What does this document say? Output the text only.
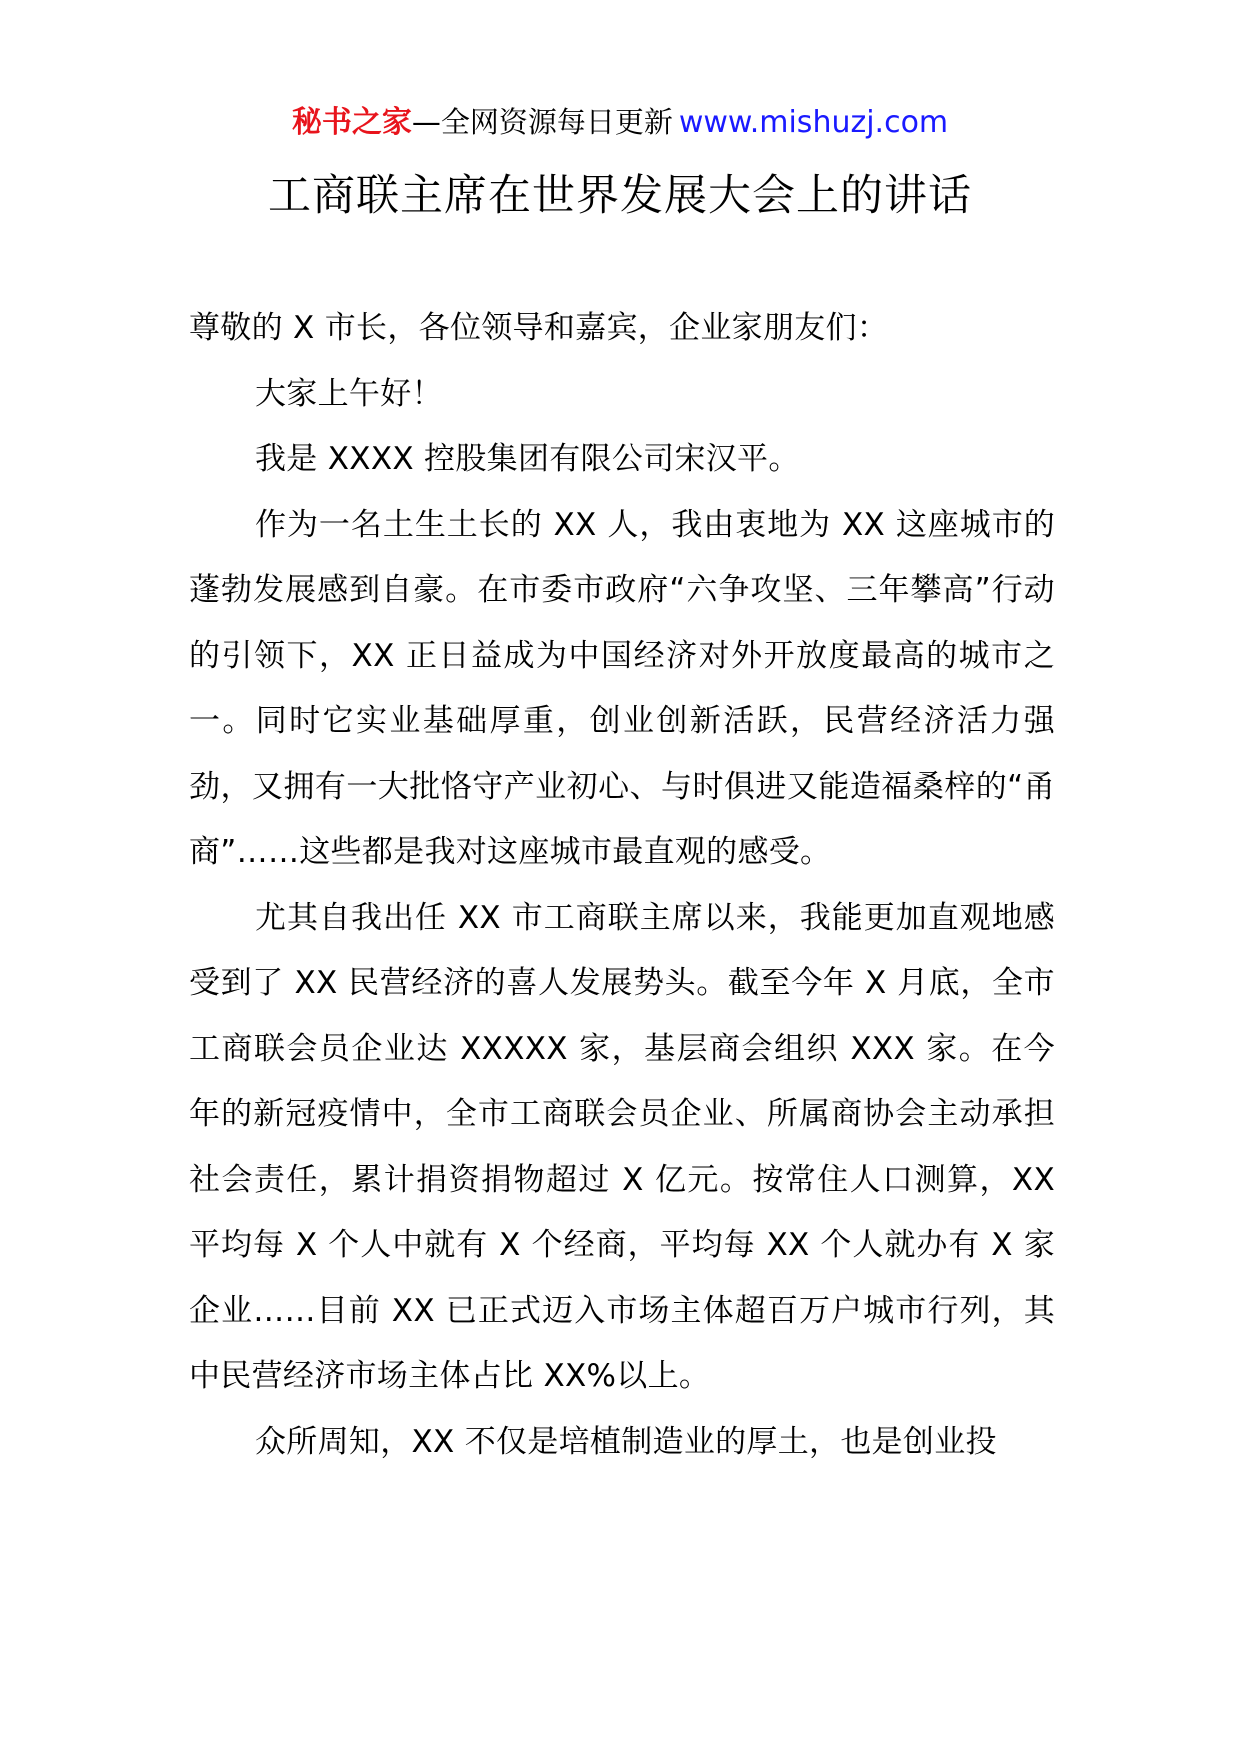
秘书之家—全网资源每日更新 www.mishuzj.com
工商联主席在世界发展大会上的讲话

尊敬的 X 市长，各位领导和嘉宾，企业家朋友们：

大家上午好！

我是 XXXX 控股集团有限公司宋汉平。

作为一名土生土长的 XX 人，我由衷地为 XX 这座城市的蓬勃发展感到自豪。在市委市政府“六争攻坚、三年攀高”行动的引领下，XX 正日益成为中国经济对外开放度最高的城市之一。同时它实业基础厚重，创业创新活跃，民营经济活力强劲，又拥有一大批恪守产业初心、与时俱进又能造福桑梓的“甬商”……这些都是我对这座城市最直观的感受。

尤其自我出任 XX 市工商联主席以来，我能更加直观地感受到了 XX 民营经济的喜人发展势头。截至今年 X 月底，全市工商联会员企业达 XXXXX 家，基层商会组织 XXX 家。在今年的新冠疫情中，全市工商联会员企业、所属商协会主动承担社会责任，累计捐资捐物超过 X 亿元。按常住人口测算，XX 平均每 X 个人中就有 X 个经商，平均每 XX 个人就办有 X 家企业……目前 XX 已正式迈入市场主体超百万户城市行列，其中民营经济市场主体占比 XX%以上。

众所周知，XX 不仅是培植制造业的厚土，也是创业投
